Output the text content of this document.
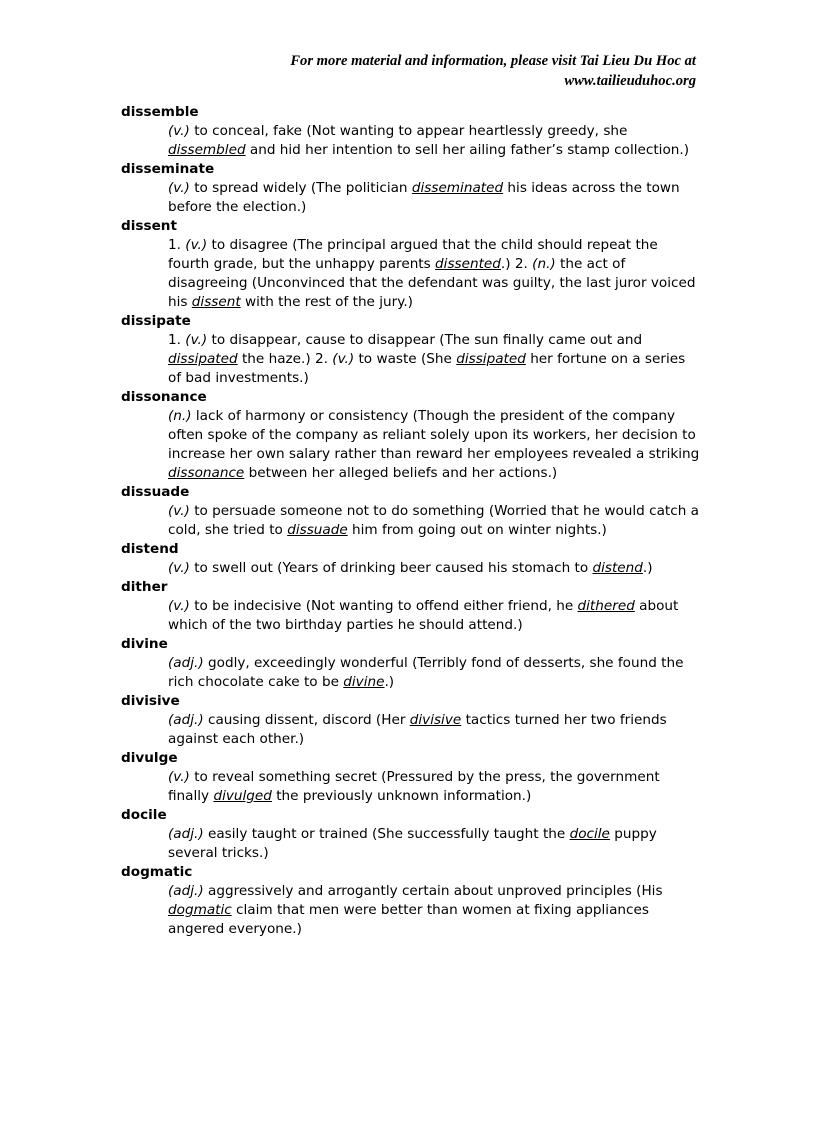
For more material and information, please visit Tai Lieu Du Hoc at
www.tailieuduhoc.org
dissemble
(v.) to conceal, fake (Not wanting to appear heartlessly greedy, she dissembled and hid her intention to sell her ailing father’s stamp collection.)
disseminate
(v.) to spread widely (The politician disseminated his ideas across the town before the election.)
dissent
1. (v.) to disagree (The principal argued that the child should repeat the fourth grade, but the unhappy parents dissented.) 2. (n.) the act of disagreeing (Unconvinced that the defendant was guilty, the last juror voiced his dissent with the rest of the jury.)
dissipate
1. (v.) to disappear, cause to disappear (The sun finally came out and dissipated the haze.) 2. (v.) to waste (She dissipated her fortune on a series of bad investments.)
dissonance
(n.) lack of harmony or consistency (Though the president of the company often spoke of the company as reliant solely upon its workers, her decision to increase her own salary rather than reward her employees revealed a striking dissonance between her alleged beliefs and her actions.)
dissuade
(v.) to persuade someone not to do something (Worried that he would catch a cold, she tried to dissuade him from going out on winter nights.)
distend
(v.) to swell out (Years of drinking beer caused his stomach to distend.)
dither
(v.) to be indecisive (Not wanting to offend either friend, he dithered about which of the two birthday parties he should attend.)
divine
(adj.) godly, exceedingly wonderful (Terribly fond of desserts, she found the rich chocolate cake to be divine.)
divisive
(adj.) causing dissent, discord (Her divisive tactics turned her two friends against each other.)
divulge
(v.) to reveal something secret (Pressured by the press, the government finally divulged the previously unknown information.)
docile
(adj.) easily taught or trained (She successfully taught the docile puppy several tricks.)
dogmatic
(adj.) aggressively and arrogantly certain about unproved principles (His dogmatic claim that men were better than women at fixing appliances angered everyone.)
